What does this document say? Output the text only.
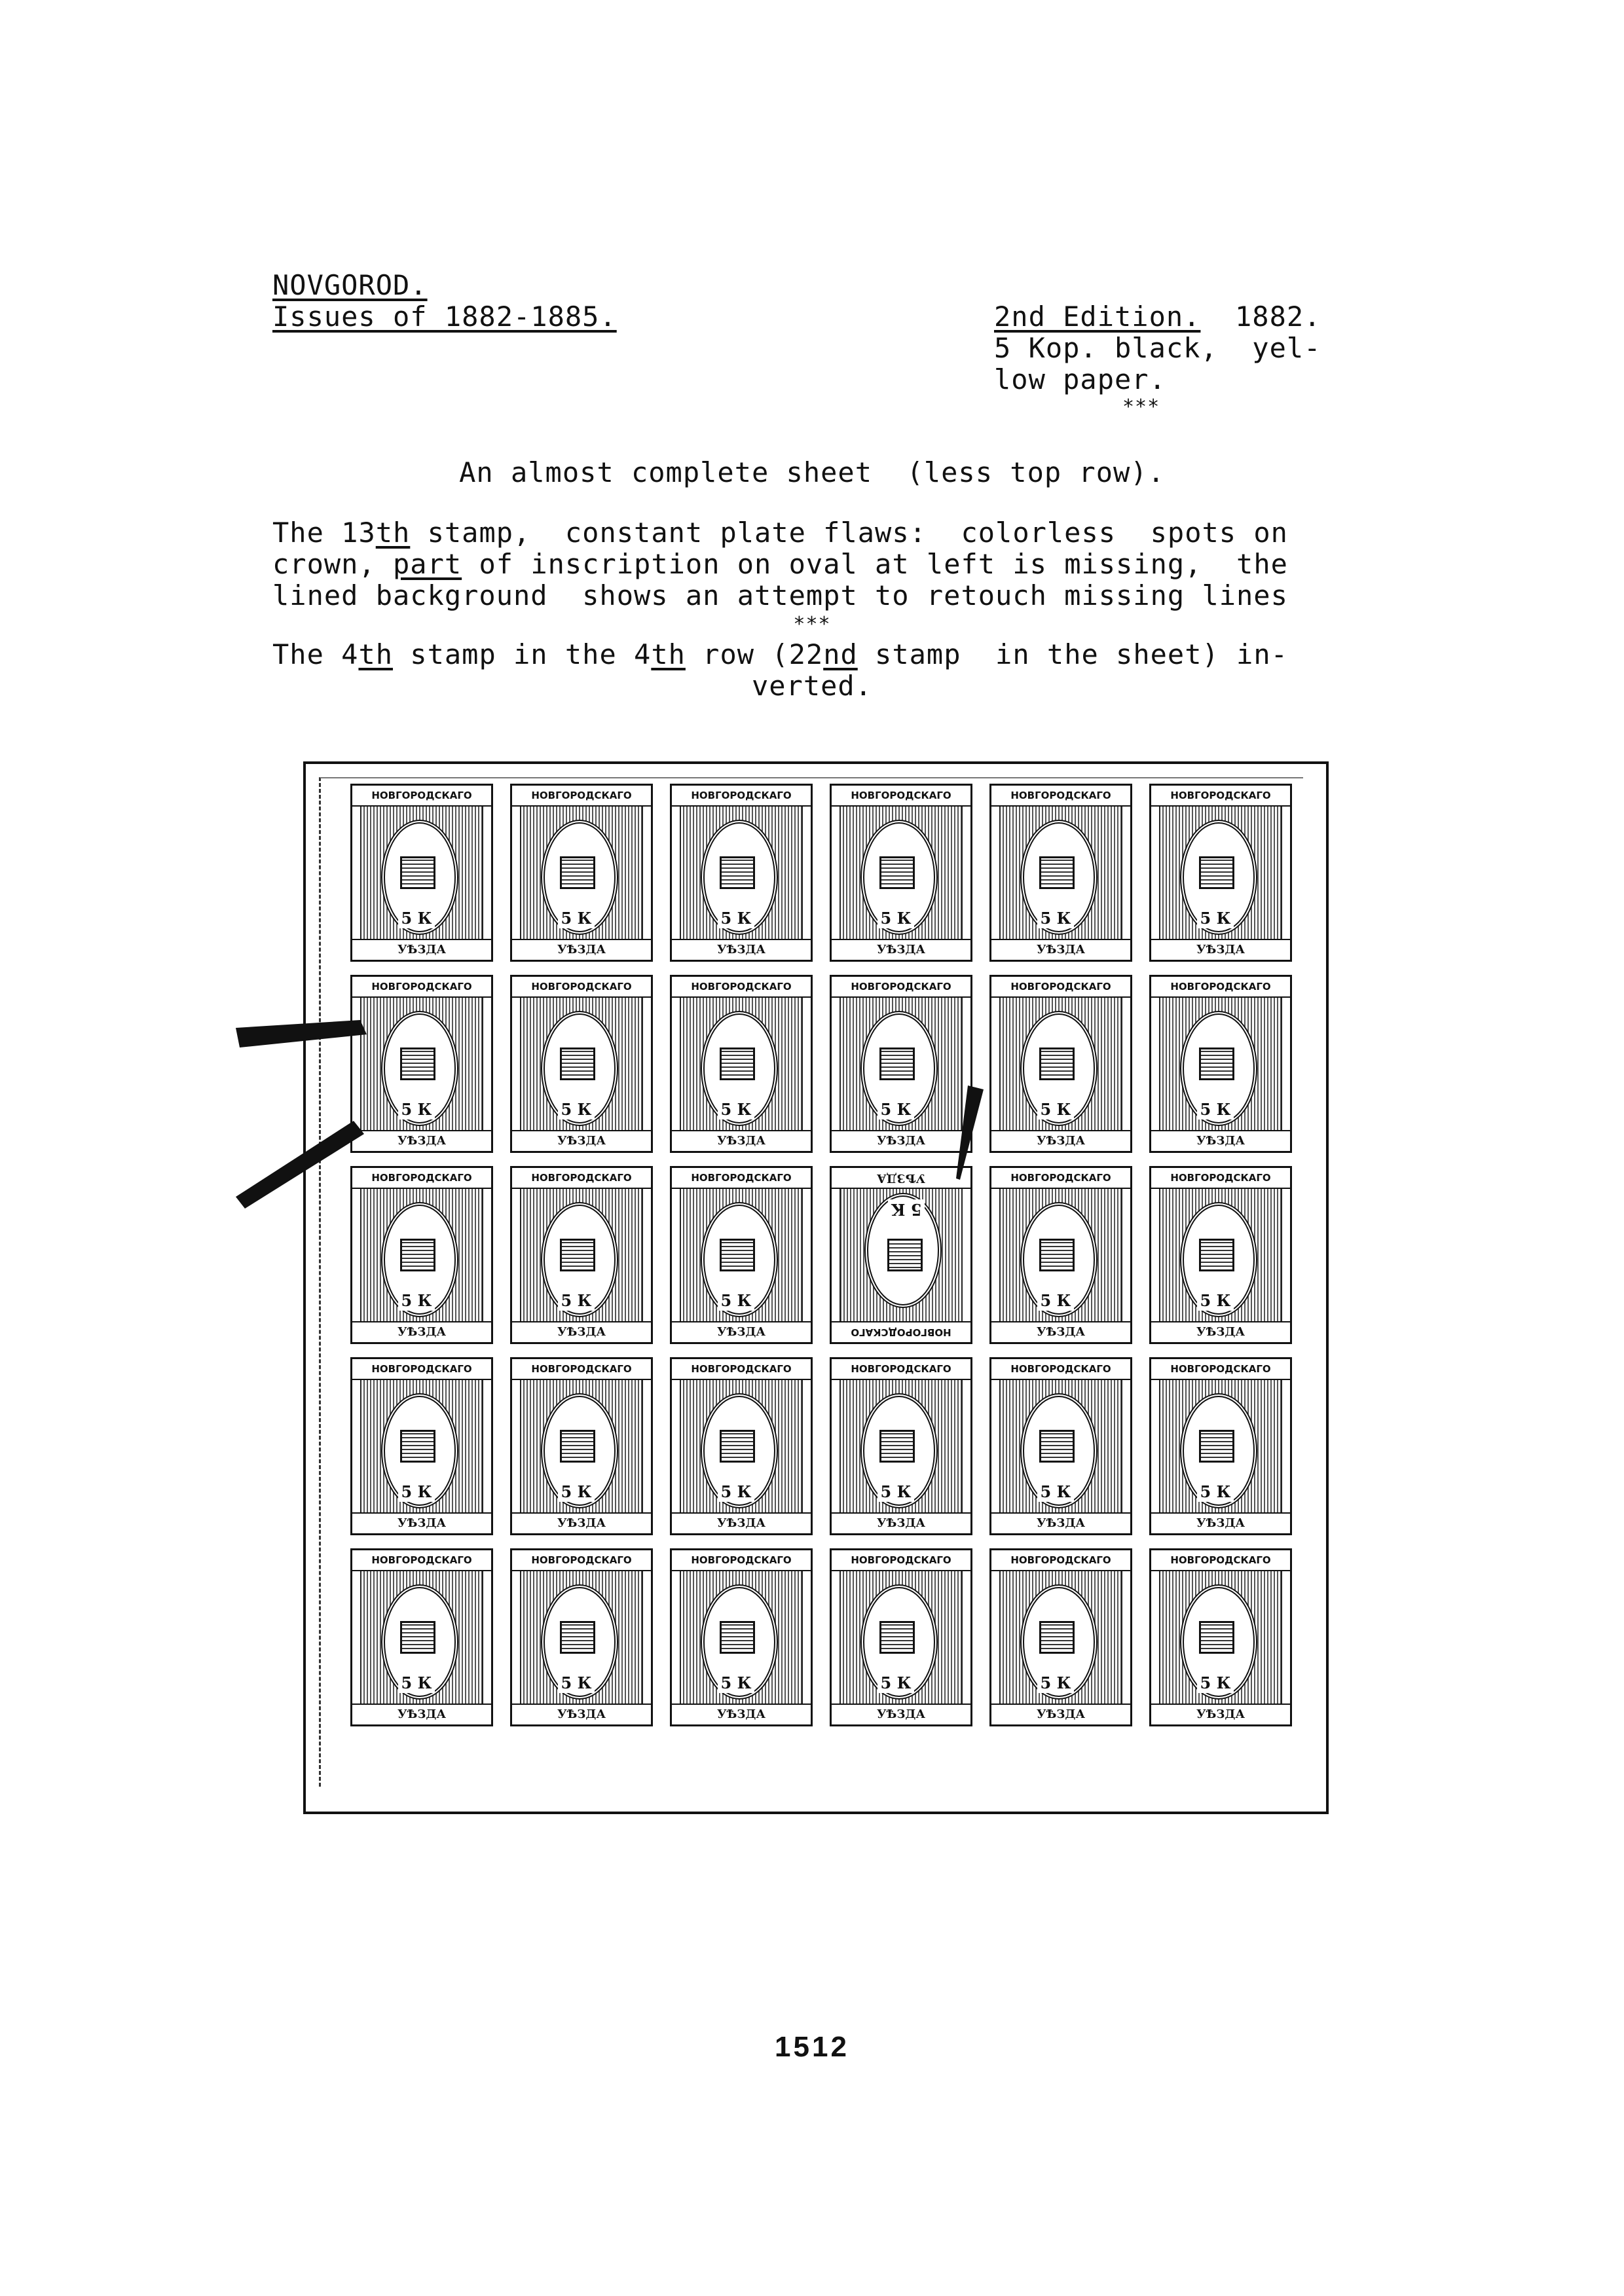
NOVGOROD.
Issues of 1882-1885.	2nd Edition. 1882.
5 Kop. black,  yel-
low paper.
***
An almost complete sheet  (less top row).
The 13th stamp,  constant plate flaws:  colorless  spots on
crown, part of inscription on oval at left is missing,  the
lined background  shows an attempt to retouch missing lines
***
The 4th stamp in the 4th row (22nd stamp  in the sheet) in-
verted.
НОВГОРОДСКАГО
5 К
УѢЗДА
НОВГОРОДСКАГО
5 К
УѢЗДА
НОВГОРОДСКАГО
5 К
УѢЗДА
НОВГОРОДСКАГО
5 К
УѢЗДА
НОВГОРОДСКАГО
5 К
УѢЗДА
НОВГОРОДСКАГО
5 К
УѢЗДА
НОВГОРОДСКАГО
5 К
УѢЗДА
НОВГОРОДСКАГО
5 К
УѢЗДА
НОВГОРОДСКАГО
5 К
УѢЗДА
НОВГОРОДСКАГО
5 К
УѢЗДА
НОВГОРОДСКАГО
5 К
УѢЗДА
НОВГОРОДСКАГО
5 К
УѢЗДА
НОВГОРОДСКАГО
5 К
УѢЗДА
НОВГОРОДСКАГО
5 К
УѢЗДА
НОВГОРОДСКАГО
5 К
УѢЗДА	НОВГОРОДСКАГО
5 К
УѢЗДА	НОВГОРОДСКАГО
5 К
УѢЗДА
НОВГОРОДСКАГО
5 К
УѢЗДА
НОВГОРОДСКАГО
5 К
УѢЗДА
НОВГОРОДСКАГО
5 К
УѢЗДА
НОВГОРОДСКАГО
5 К
УѢЗДА
НОВГОРОДСКАГО
5 К
УѢЗДА
НОВГОРОДСКАГО
5 К
УѢЗДА
НОВГОРОДСКАГО
5 К
УѢЗДА
НОВГОРОДСКАГО
5 К
УѢЗДА
НОВГОРОДСКАГО
5 К
УѢЗДА
НОВГОРОДСКАГО
5 К
УѢЗДА
НОВГОРОДСКАГО
5 К
УѢЗДА
НОВГОРОДСКАГО
5 К
УѢЗДА
НОВГОРОДСКАГО
5 К
УѢЗДА
1512
